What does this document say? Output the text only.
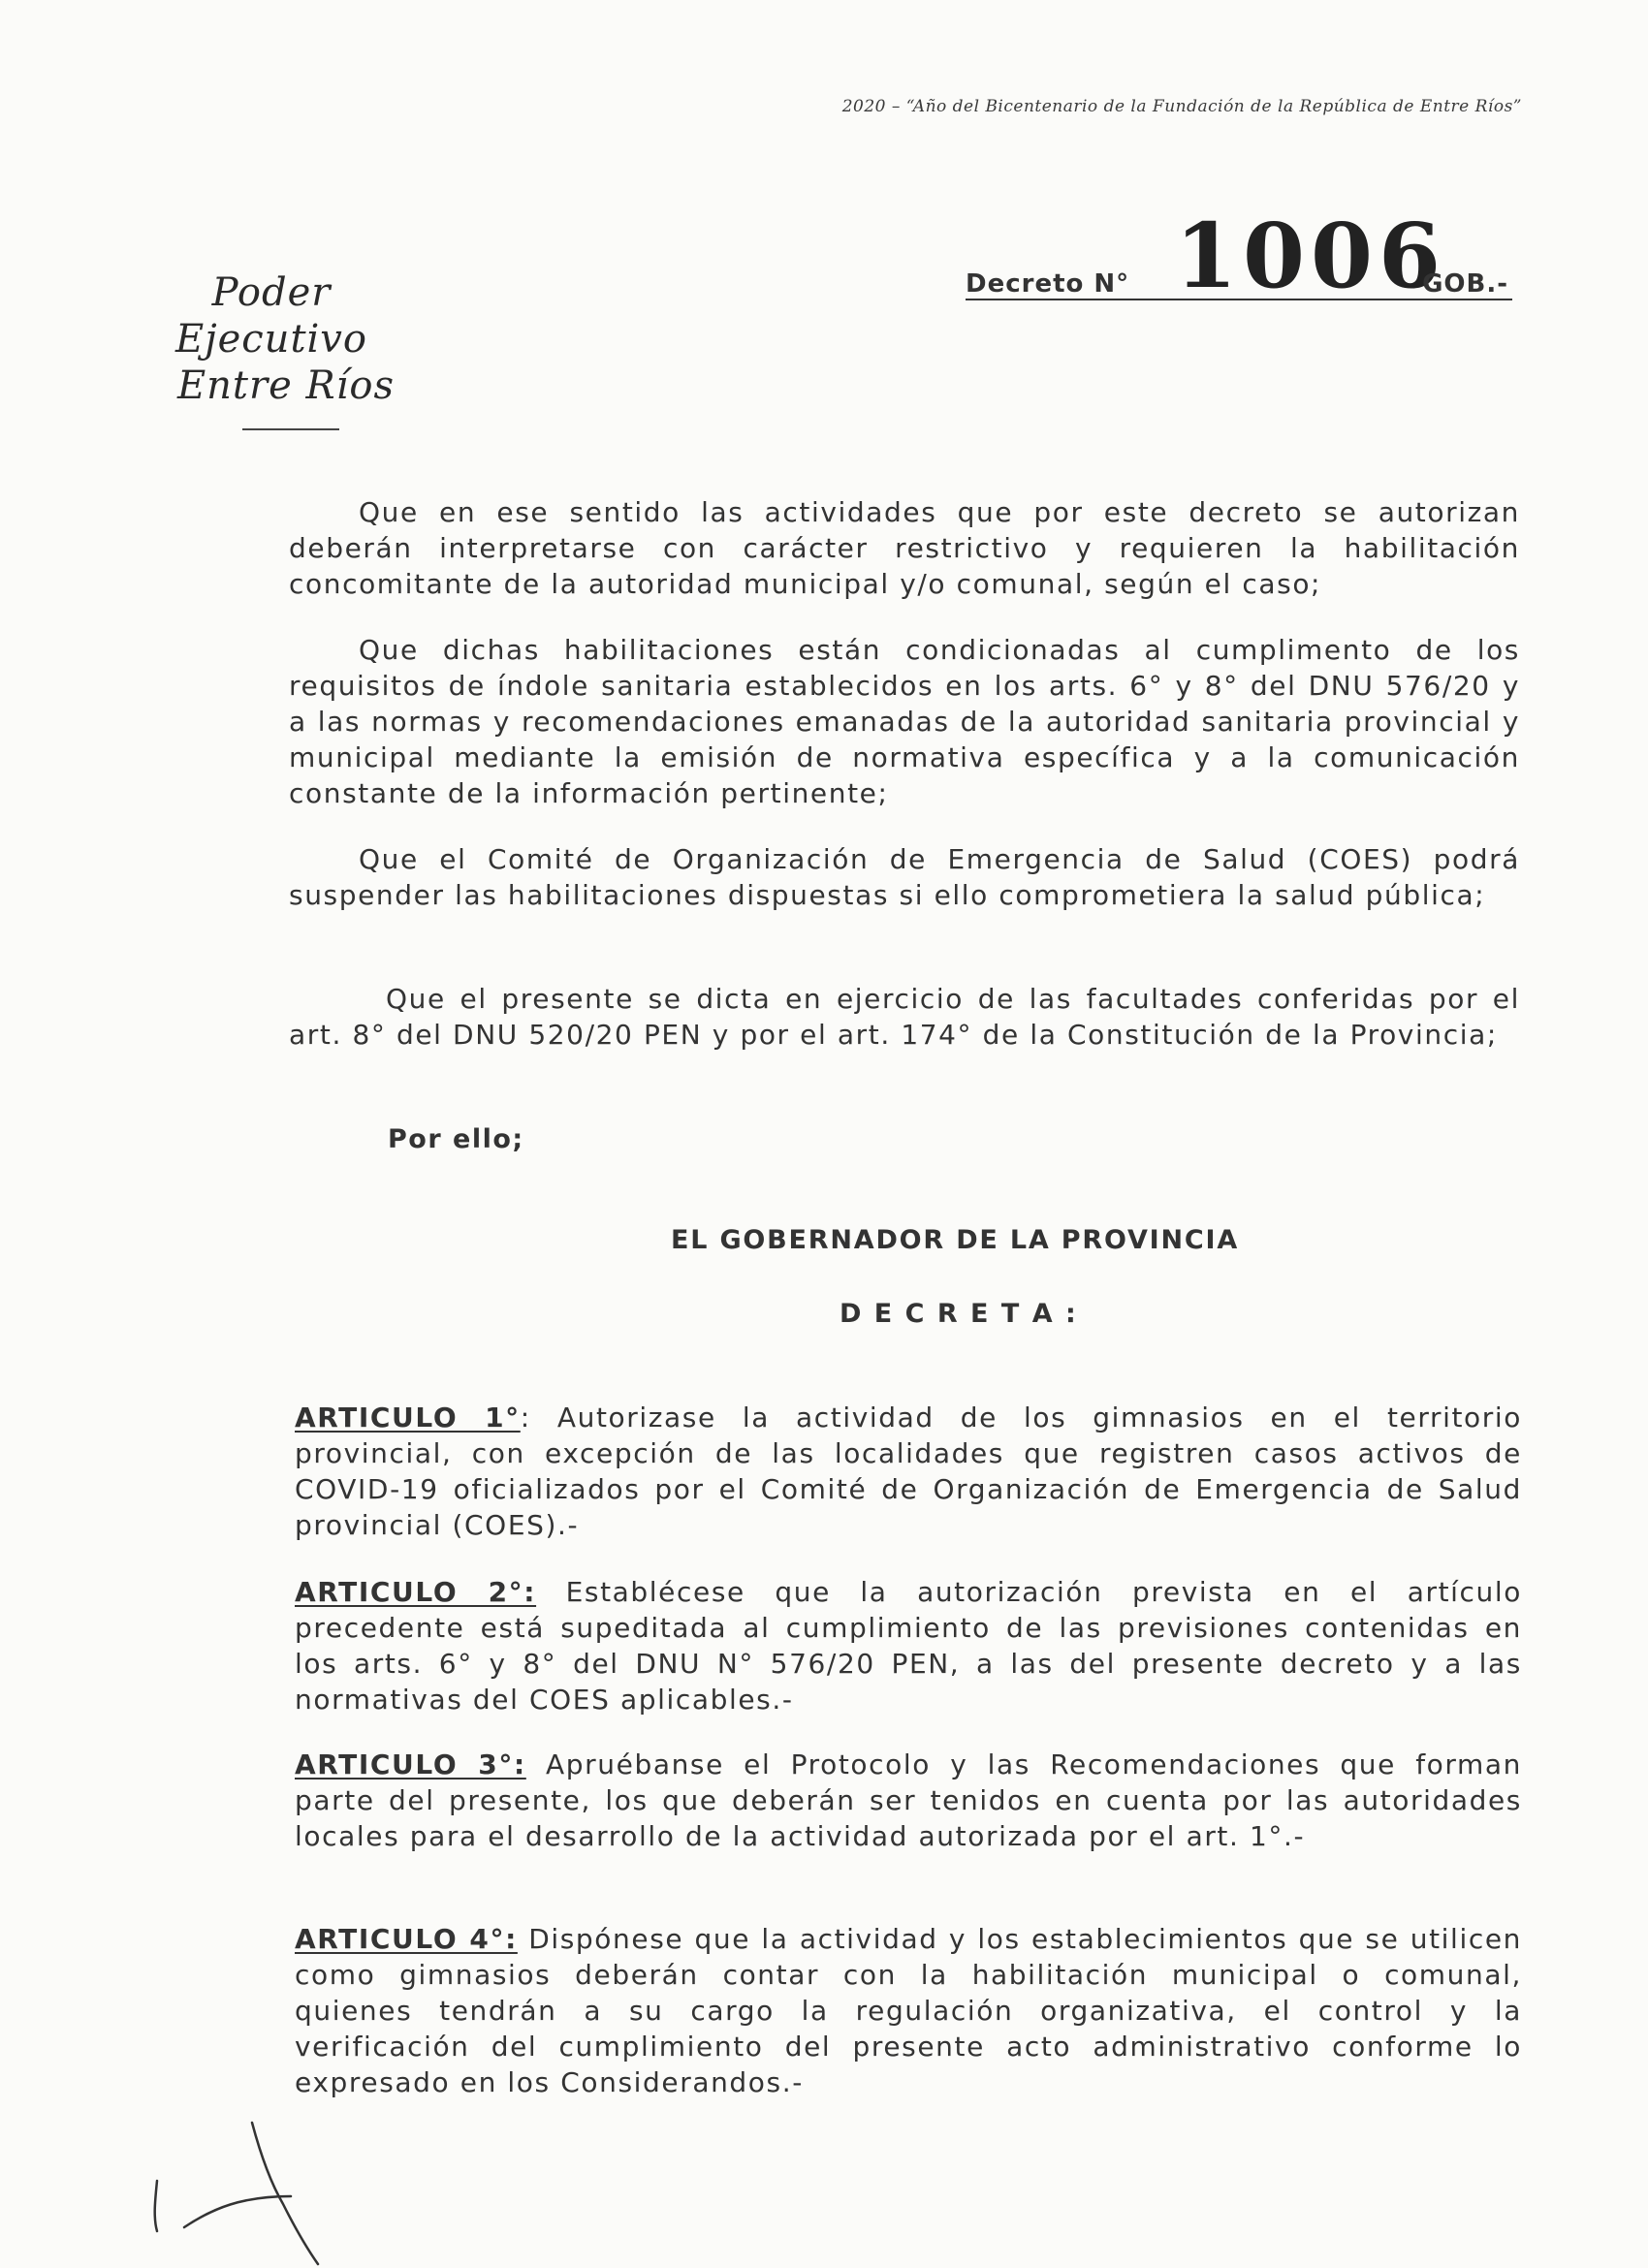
2020 – “Año del Bicentenario de la Fundación de la República de Entre Ríos”
Poder Ejecutivo
Entre Ríos
Decreto N° 1006
GOB.-
Que en ese sentido las actividades que por este decreto se autorizan deberán interpretarse con carácter restrictivo y requieren la habilitación concomitante de la autoridad municipal y/o comunal, según el caso;
Que dichas habilitaciones están condicionadas al cumplimento de los requisitos de índole sanitaria establecidos en los arts. 6° y 8° del DNU 576/20 y a las normas y recomendaciones emanadas de la autoridad sanitaria provincial y municipal mediante la emisión de normativa específica y a la comunicación constante de la información pertinente;
Que el Comité de Organización de Emergencia de Salud (COES) podrá suspender las habilitaciones dispuestas si ello comprometiera la salud pública;
Que el presente se dicta en ejercicio de las facultades conferidas por el art. 8° del DNU 520/20 PEN y por el art. 174° de la Constitución de la Provincia;
Por ello;
EL GOBERNADOR DE LA PROVINCIA
D E C R E T A :
ARTICULO 1°: Autorizase la actividad de los gimnasios en el territorio provincial, con excepción de las localidades que registren casos activos de COVID-19 oficializados por el Comité de Organización de Emergencia de Salud provincial (COES).-
ARTICULO 2°: Establécese que la autorización prevista en el artículo precedente está supeditada al cumplimiento de las previsiones contenidas en los arts. 6° y 8° del DNU N° 576/20 PEN, a las del presente decreto y a las normativas del COES aplicables.-
ARTICULO 3°: Apruébanse el Protocolo y las Recomendaciones que forman parte del presente, los que deberán ser tenidos en cuenta por las autoridades locales para el desarrollo de la actividad autorizada por el art. 1°.-
ARTICULO 4°: Dispónese que la actividad y los establecimientos que se utilicen como gimnasios deberán contar con la habilitación municipal o comunal, quienes tendrán a su cargo la regulación organizativa, el control y la verificación del cumplimiento del presente acto administrativo conforme lo expresado en los Considerandos.-
